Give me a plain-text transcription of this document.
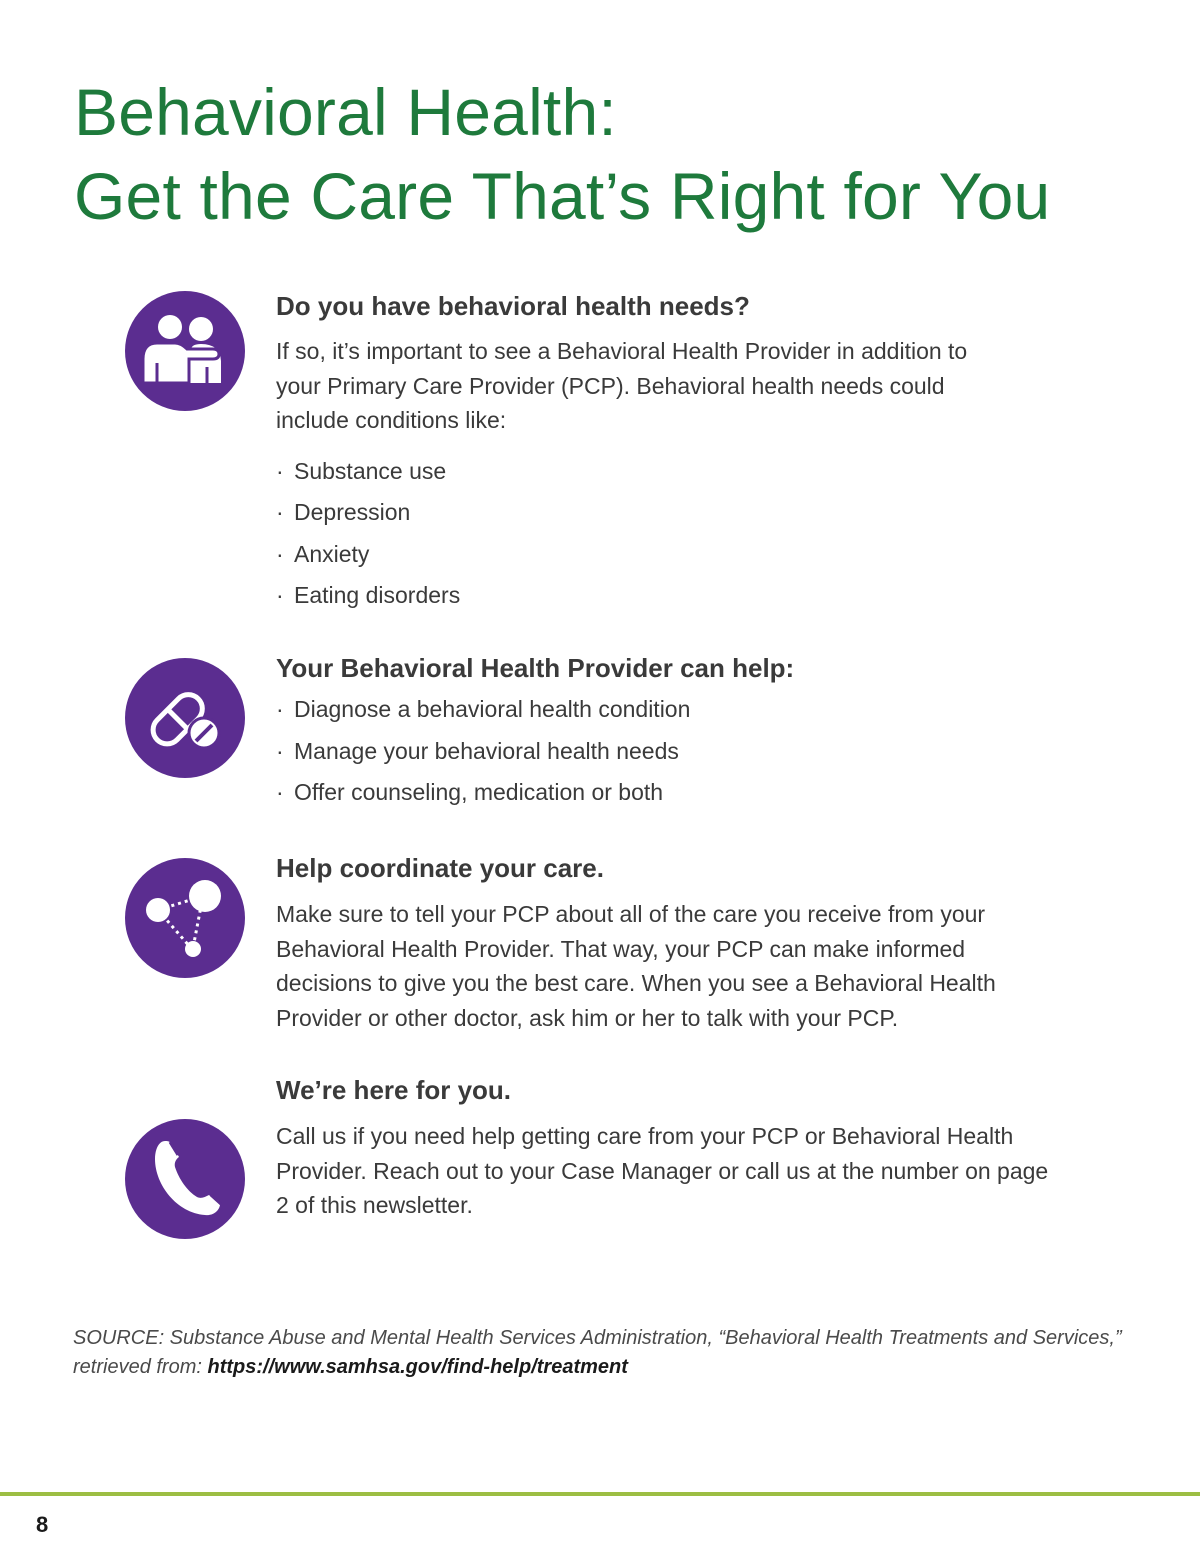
Behavioral Health:
Get the Care That’s Right for You
Do you have behavioral health needs?

If so, it’s important to see a Behavioral Health Provider in addition to your Primary Care Provider (PCP). Behavioral health needs could include conditions like:

· Substance use
· Depression
· Anxiety
· Eating disorders
Your Behavioral Health Provider can help:
· Diagnose a behavioral health condition
· Manage your behavioral health needs
· Offer counseling, medication or both
Help coordinate your care.

Make sure to tell your PCP about all of the care you receive from your Behavioral Health Provider. That way, your PCP can make informed decisions to give you the best care. When you see a Behavioral Health Provider or other doctor, ask him or her to talk with your PCP.

We’re here for you.

Call us if you need help getting care from your PCP or Behavioral Health Provider. Reach out to your Case Manager or call us at the number on page 2 of this newsletter.

SOURCE: Substance Abuse and Mental Health Services Administration, “Behavioral Health Treatments and Services,” retrieved from: https://www.samhsa.gov/find-help/treatment

8
